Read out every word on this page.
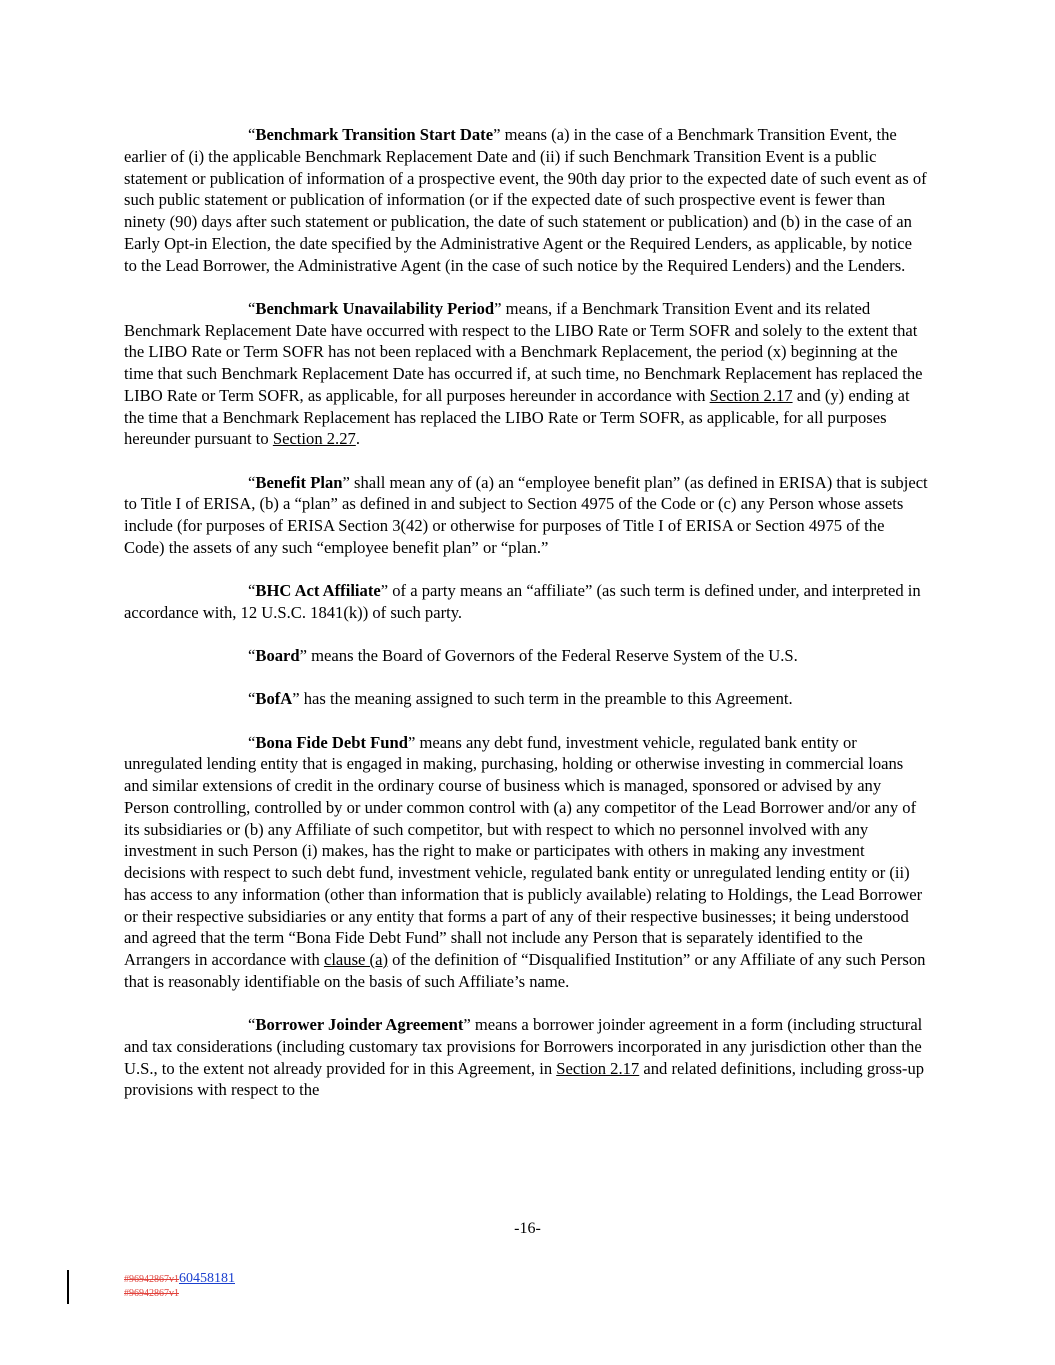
“Benchmark Transition Start Date” means (a) in the case of a Benchmark Transition Event, the earlier of (i) the applicable Benchmark Replacement Date and (ii) if such Benchmark Transition Event is a public statement or publication of information of a prospective event, the 90th day prior to the expected date of such event as of such public statement or publication of information (or if the expected date of such prospective event is fewer than ninety (90) days after such statement or publication, the date of such statement or publication) and (b) in the case of an Early Opt-in Election, the date specified by the Administrative Agent or the Required Lenders, as applicable, by notice to the Lead Borrower, the Administrative Agent (in the case of such notice by the Required Lenders) and the Lenders.

“Benchmark Unavailability Period” means, if a Benchmark Transition Event and its related Benchmark Replacement Date have occurred with respect to the LIBO Rate or Term SOFR and solely to the extent that the LIBO Rate or Term SOFR has not been replaced with a Benchmark Replacement, the period (x) beginning at the time that such Benchmark Replacement Date has occurred if, at such time, no Benchmark Replacement has replaced the LIBO Rate or Term SOFR, as applicable, for all purposes hereunder in accordance with Section 2.17 and (y) ending at the time that a Benchmark Replacement has replaced the LIBO Rate or Term SOFR, as applicable, for all purposes hereunder pursuant to Section 2.27.

“Benefit Plan” shall mean any of (a) an “employee benefit plan” (as defined in ERISA) that is subject to Title I of ERISA, (b) a “plan” as defined in and subject to Section 4975 of the Code or (c) any Person whose assets include (for purposes of ERISA Section 3(42) or otherwise for purposes of Title I of ERISA or Section 4975 of the Code) the assets of any such “employee benefit plan” or “plan.”

“BHC Act Affiliate” of a party means an “affiliate” (as such term is defined under, and interpreted in accordance with, 12 U.S.C. 1841(k)) of such party.

“Board” means the Board of Governors of the Federal Reserve System of the U.S.

“BofA” has the meaning assigned to such term in the preamble to this Agreement.

“Bona Fide Debt Fund” means any debt fund, investment vehicle, regulated bank entity or unregulated lending entity that is engaged in making, purchasing, holding or otherwise investing in commercial loans and similar extensions of credit in the ordinary course of business which is managed, sponsored or advised by any Person controlling, controlled by or under common control with (a) any competitor of the Lead Borrower and/or any of its subsidiaries or (b) any Affiliate of such competitor, but with respect to which no personnel involved with any investment in such Person (i) makes, has the right to make or participates with others in making any investment decisions with respect to such debt fund, investment vehicle, regulated bank entity or unregulated lending entity or (ii) has access to any information (other than information that is publicly available) relating to Holdings, the Lead Borrower or their respective subsidiaries or any entity that forms a part of any of their respective businesses; it being understood and agreed that the term “Bona Fide Debt Fund” shall not include any Person that is separately identified to the Arrangers in accordance with clause (a) of the definition of “Disqualified Institution” or any Affiliate of any such Person that is reasonably identifiable on the basis of such Affiliate’s name.

“Borrower Joinder Agreement” means a borrower joinder agreement in a form (including structural and tax considerations (including customary tax provisions for Borrowers incorporated in any jurisdiction other than the U.S., to the extent not already provided for in this Agreement, in Section 2.17 and related definitions, including gross-up provisions with respect to the

-16-
#96942867v160458181
#96942867v1
